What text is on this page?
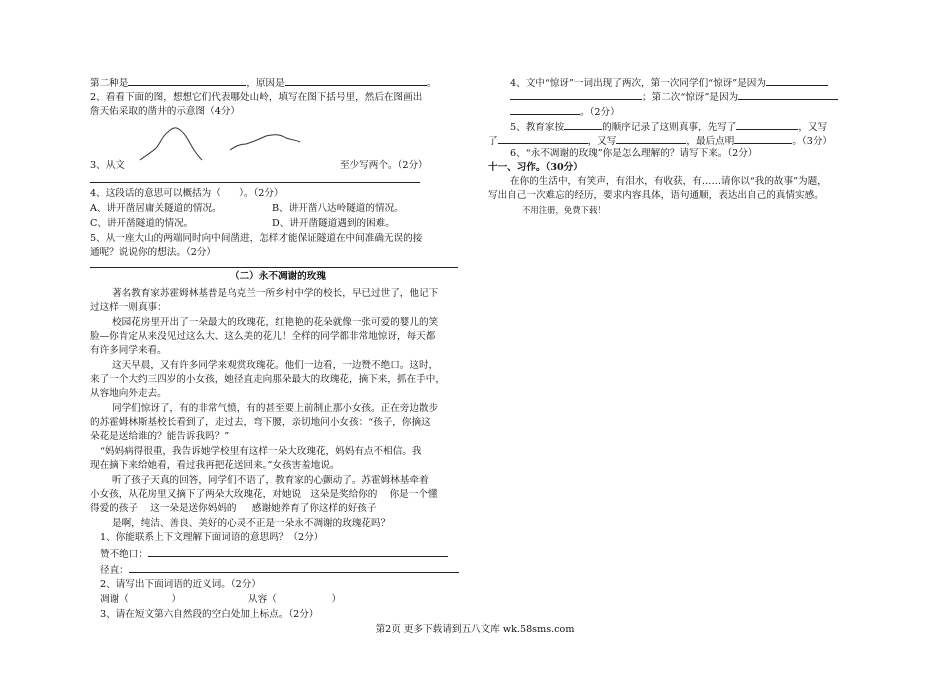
第二种是	，原因是	。
2、看看下面的图，想想它们代表哪处山岭，填写在图下括号里，然后在图画出
詹天佑采取的凿井的示意图（4分）
3、从文	至少写两个。（2分）
4、这段话的意思可以概括为（      ）。（2分）
A、讲开凿居庸关隧道的情况。	B、讲开凿八达岭隧道的情况。
C、讲开凿隧道的情况。	D、讲开凿隧道遇到的困难。
5、从一座大山的两端同时向中间凿进，怎样才能保证隧道在中间准确无误的接
通呢？说说你的想法。（2分）
（二）永不凋谢的玫瑰
著名教育家苏霍姆林基普是乌克兰一所乡村中学的校长，早已过世了，他记下
过这样一则真事：
校园花房里开出了一朵最大的玫瑰花，红艳艳的花朵就像一张可爱的婴儿的笑
脸—你肯定从来没见过这么大、这么美的花儿！全样的同学都非常地惊讶，每天都
有许多同学来看。
这天早晨，又有许多同学来观赏玫瑰花。他们一边看，一边赞不绝口。这时，
来了一个大约三四岁的小女孩，她径直走向那朵最大的玫瑰花，摘下来，抓在手中，
从容地向外走去。
同学们惊讶了，有的非常气愤，有的甚至要上前制止那小女孩。正在旁边散步
的苏霍姆林斯基校长看到了，走过去，弯下腰，亲切地问小女孩：“孩子，你摘这
朵花是送给谁的？能告诉我吗？”
“妈妈病得很重，我告诉她学校里有这样一朵大玫瑰花，妈妈有点不相信。我
现在摘下来给她看，看过我再把花送回来。”女孩害羞地说。
听了孩子天真的回答，同学们不语了，教育家的心颤动了。苏霍姆林基牵着
小女孩，从花房里又摘下了两朵大玫瑰花，对她说   这朵是奖给你的    你是一个懂
得爱的孩子    这一朵是送你妈妈的     感谢她养育了你这样的好孩子
是啊，纯洁、善良、美好的心灵不正是一朵永不凋谢的玫瑰花吗？
1、你能联系上下文理解下面词语的意思吗？（2分）
赞不绝口：
径直：
2、请写出下面词语的近义词。（2分）
凋谢（              ）	从容（                  ）
3、请在短文第六自然段的空白处加上标点。（2分）
4、文中“惊讶”一词出现了两次，第一次同学们“惊讶”是因为
；第二次“惊讶”是因为
。（2分）
5、教育家按	的顺序记录了这则真事，先写了	，又写
了	，又写	，最后点明	。（3分）
6、“永不凋谢的玫瑰”你是怎么理解的？请写下来。（2分）
十一、习作。（30分）
在你的生活中，有笑声，有泪水，有收获，有……请你以“我的故事”为题，
写出自己一次难忘的经历，要求内容具体，语句通顺，表达出自己的真情实感。
不用注册，免费下载！
第2页 更多下载请到五八文库 wk.58sms.com
